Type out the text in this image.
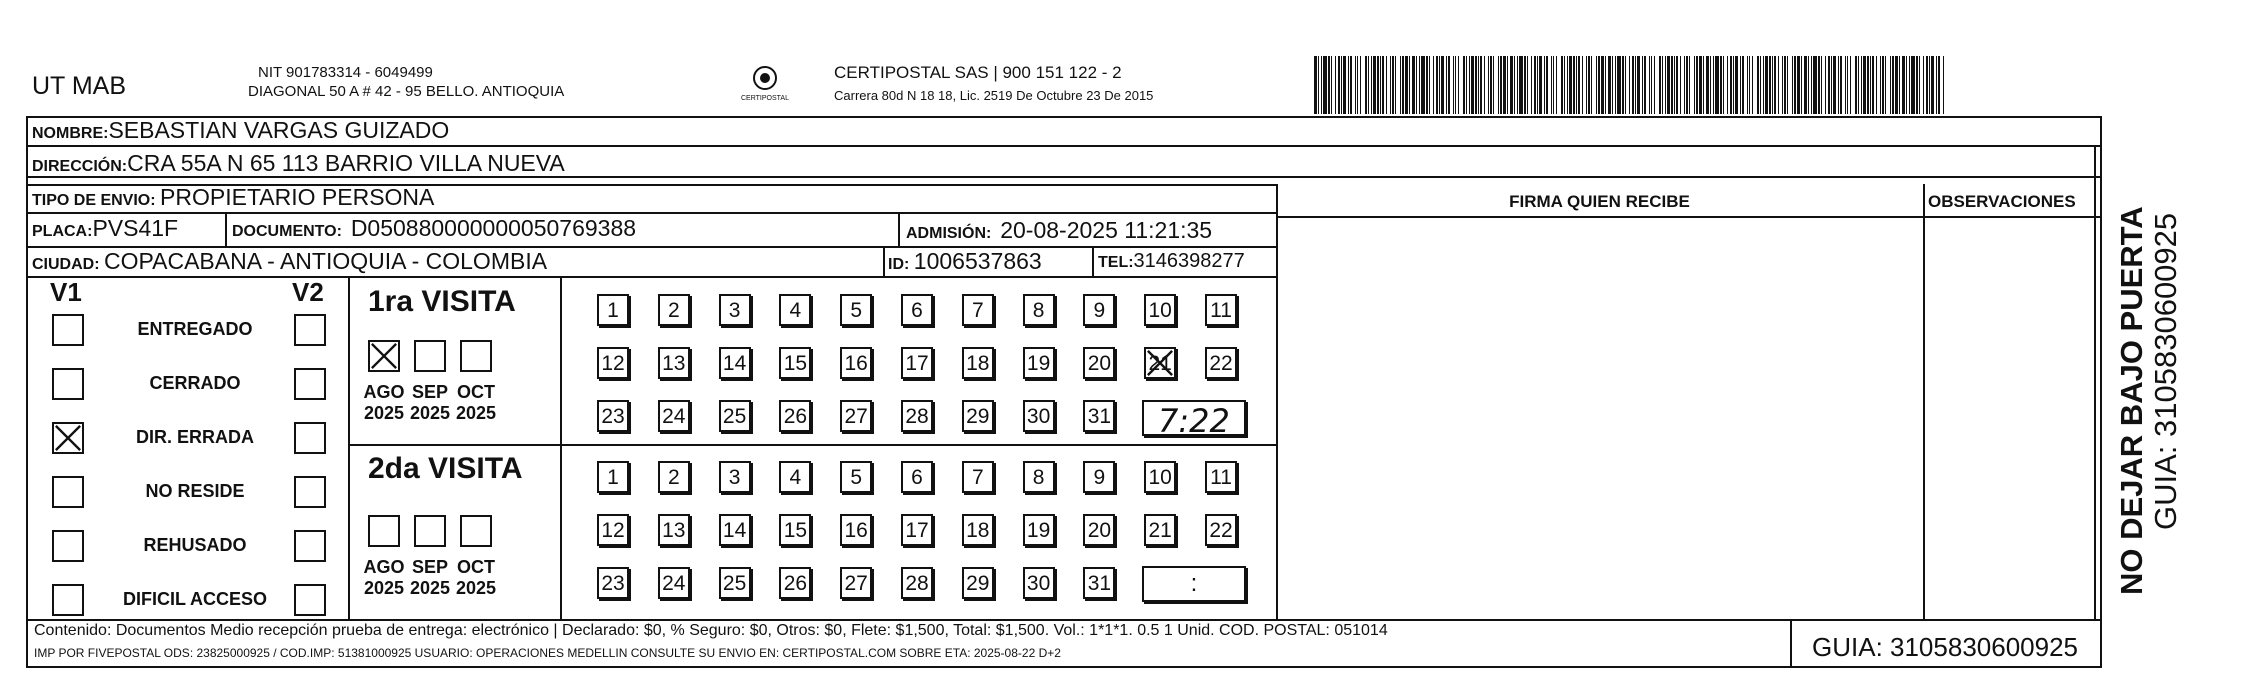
UT MAB	NIT 901783314 - 6049499
DIAGONAL 50 A # 42 - 95 BELLO. ANTIOQUIA	CERTIPOSTAL
CERTIPOSTAL SAS | 900 151 122 - 2
Carrera 80d N 18 18, Lic. 2519 De Octubre 23 De 2015
NOMBRE:SEBASTIAN VARGAS GUIZADO
DIRECCIÓN:CRA 55A N 65 113 BARRIO VILLA NUEVA
TIPO DE ENVIO: PROPIETARIO PERSONA
PLACA:PVS41F	DOCUMENTO: D050880000000050769388	ADMISIÓN: 20-08-2025 11:21:35
CIUDAD: COPACABANA - ANTIOQUIA - COLOMBIA	ID: 1006537863	TEL:3146398277
FIRMA QUIEN RECIBE	OBSERVACIONES
V1	V2
ENTREGADO
CERRADO
DIR. ERRADA
NO RESIDE
REHUSADO
DIFICIL ACCESO
1ra VISITA
AGO
2025
SEP
2025
OCT
2025
1	2	3	4	5	6	7	8	9	10 11
12 13 14 15 16 17 18 19 20 21 22
23 24 25 26 27 28 29 30 31 7:22
2da VISITA
AGO
2025
SEP
2025
OCT
2025
1	2	3	4	5	6	7	8	9	10 11
12 13 14 15 16 17 18 19 20 21 22
23 24 25 26 27 28 29 30 31	:
Contenido: Documentos Medio recepción prueba de entrega: electrónico | Declarado: $0, % Seguro: $0, Otros: $0, Flete: $1,500, Total: $1,500. Vol.: 1*1*1. 0.5 1 Unid. COD. POSTAL: 051014
IMP POR FIVEPOSTAL ODS: 23825000925 / COD.IMP: 51381000925 USUARIO: OPERACIONES MEDELLIN CONSULTE SU ENVIO EN: CERTIPOSTAL.COM SOBRE ETA: 2025-08-22 D+2	GUIA: 3105830600925
NO DEJAR BAJO PUERTA GUIA: 3105830600925
